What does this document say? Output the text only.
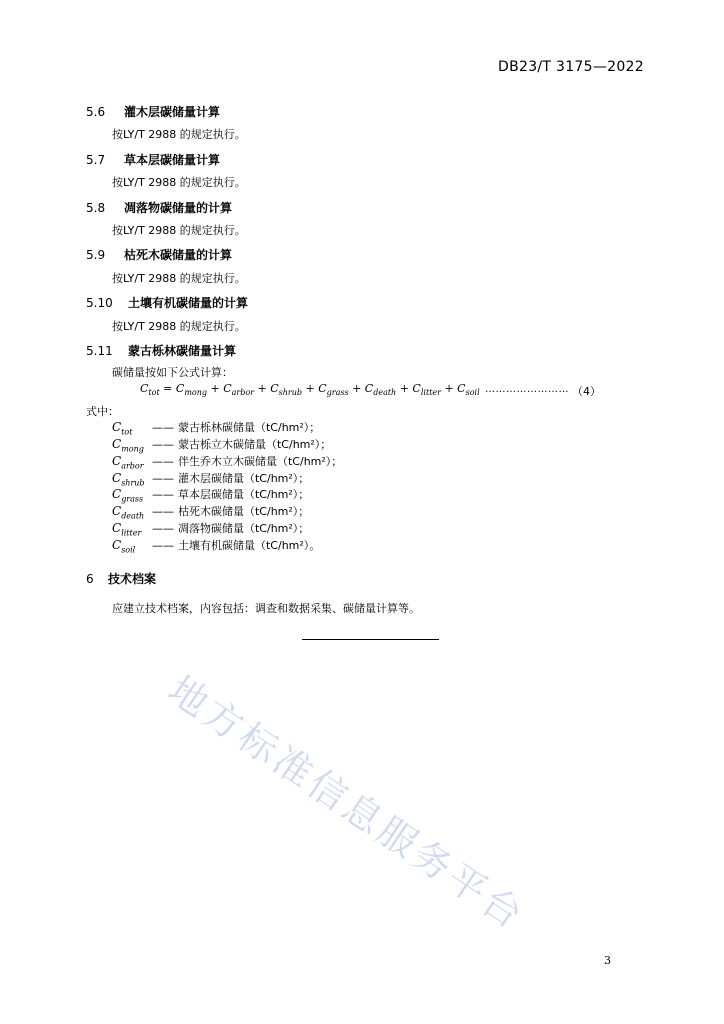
DB23/T 3175—2022
5.6 灌木层碳储量计算
按LY/T 2988 的规定执行。
5.7 草本层碳储量计算
按LY/T 2988 的规定执行。
5.8 凋落物碳储量的计算
按LY/T 2988 的规定执行。
5.9 枯死木碳储量的计算
按LY/T 2988 的规定执行。
5.10 土壤有机碳储量的计算
按LY/T 2988 的规定执行。
5.11 蒙古栎林碳储量计算
碳储量按如下公式计算：
$C_{tot} = C_{mong} + C_{arbor} + C_{shrub} + C_{grass} + C_{death} + C_{litter} + C_{soil}$ …………………… （4）
式中：
$C_{tot}$	—— 蒙古栎林碳储量（tC/hm²）；
$C_{mong}$ —— 蒙古栎立木碳储量（tC/hm²）；
$C_{arbor}$ —— 伴生乔木立木碳储量（tC/hm²）；
$C_{shrub}$ —— 灌木层碳储量（tC/hm²）；
$C_{grass}$ —— 草本层碳储量（tC/hm²）；
$C_{death}$ —— 枯死木碳储量（tC/hm²）；
$C_{litter}$ —— 凋落物碳储量（tC/hm²）；
$C_{soil}$	—— 土壤有机碳储量（tC/hm²）。
6 技术档案
应建立技术档案，内容包括：调查和数据采集、碳储量计算等。
地方标准信息服务平台
3
